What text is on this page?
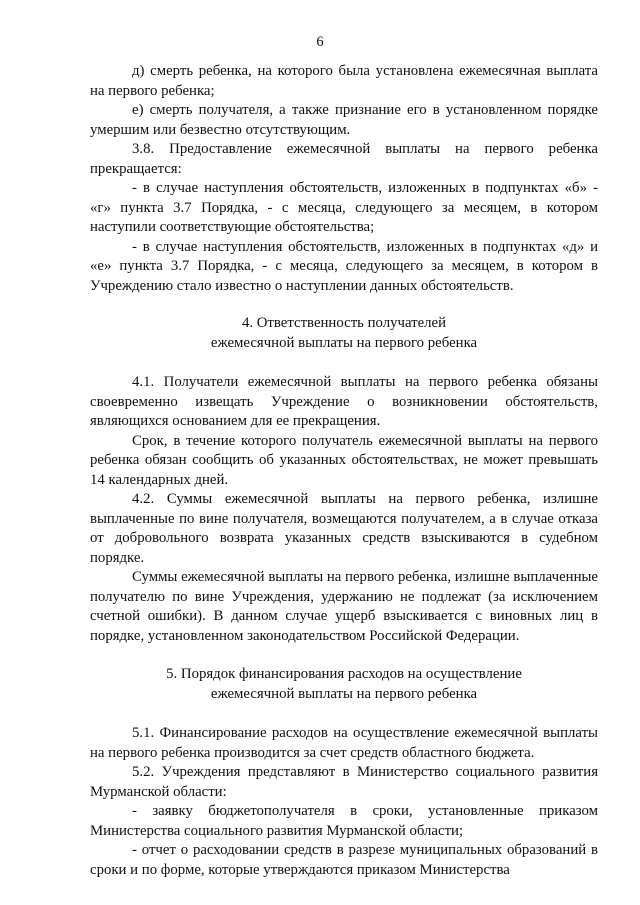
6

д) смерть ребенка, на которого была установлена ежемесячная выплата на первого ребенка;

е) смерть получателя, а также признание его в установленном порядке умершим или безвестно отсутствующим.

3.8. Предоставление ежемесячной выплаты на первого ребенка прекращается:

- в случае наступления обстоятельств, изложенных в подпунктах «б» - «г» пункта 3.7 Порядка, - с месяца, следующего за месяцем, в котором наступили соответствующие обстоятельства;

- в случае наступления обстоятельств, изложенных в подпунктах «д» и «е» пункта 3.7 Порядка, - с месяца, следующего за месяцем, в котором в Учреждению стало известно о наступлении данных обстоятельств.

4. Ответственность получателей
ежемесячной выплаты на первого ребенка

4.1. Получатели ежемесячной выплаты на первого ребенка обязаны своевременно извещать Учреждение о возникновении обстоятельств, являющихся основанием для ее прекращения.

Срок, в течение которого получатель ежемесячной выплаты на первого ребенка обязан сообщить об указанных обстоятельствах, не может превышать 14 календарных дней.

4.2. Суммы ежемесячной выплаты на первого ребенка, излишне выплаченные по вине получателя, возмещаются получателем, а в случае отказа от добровольного возврата указанных средств взыскиваются в судебном порядке.

Суммы ежемесячной выплаты на первого ребенка, излишне выплаченные получателю по вине Учреждения, удержанию не подлежат (за исключением счетной ошибки). В данном случае ущерб взыскивается с виновных лиц в порядке, установленном законодательством Российской Федерации.

5. Порядок финансирования расходов на осуществление
ежемесячной выплаты на первого ребенка

5.1. Финансирование расходов на осуществление ежемесячной выплаты на первого ребенка производится за счет средств областного бюджета.

5.2. Учреждения представляют в Министерство социального развития Мурманской области:

- заявку бюджетополучателя в сроки, установленные приказом Министерства социального развития Мурманской области;

- отчет о расходовании средств в разрезе муниципальных образований в сроки и по форме, которые утверждаются приказом Министерства
